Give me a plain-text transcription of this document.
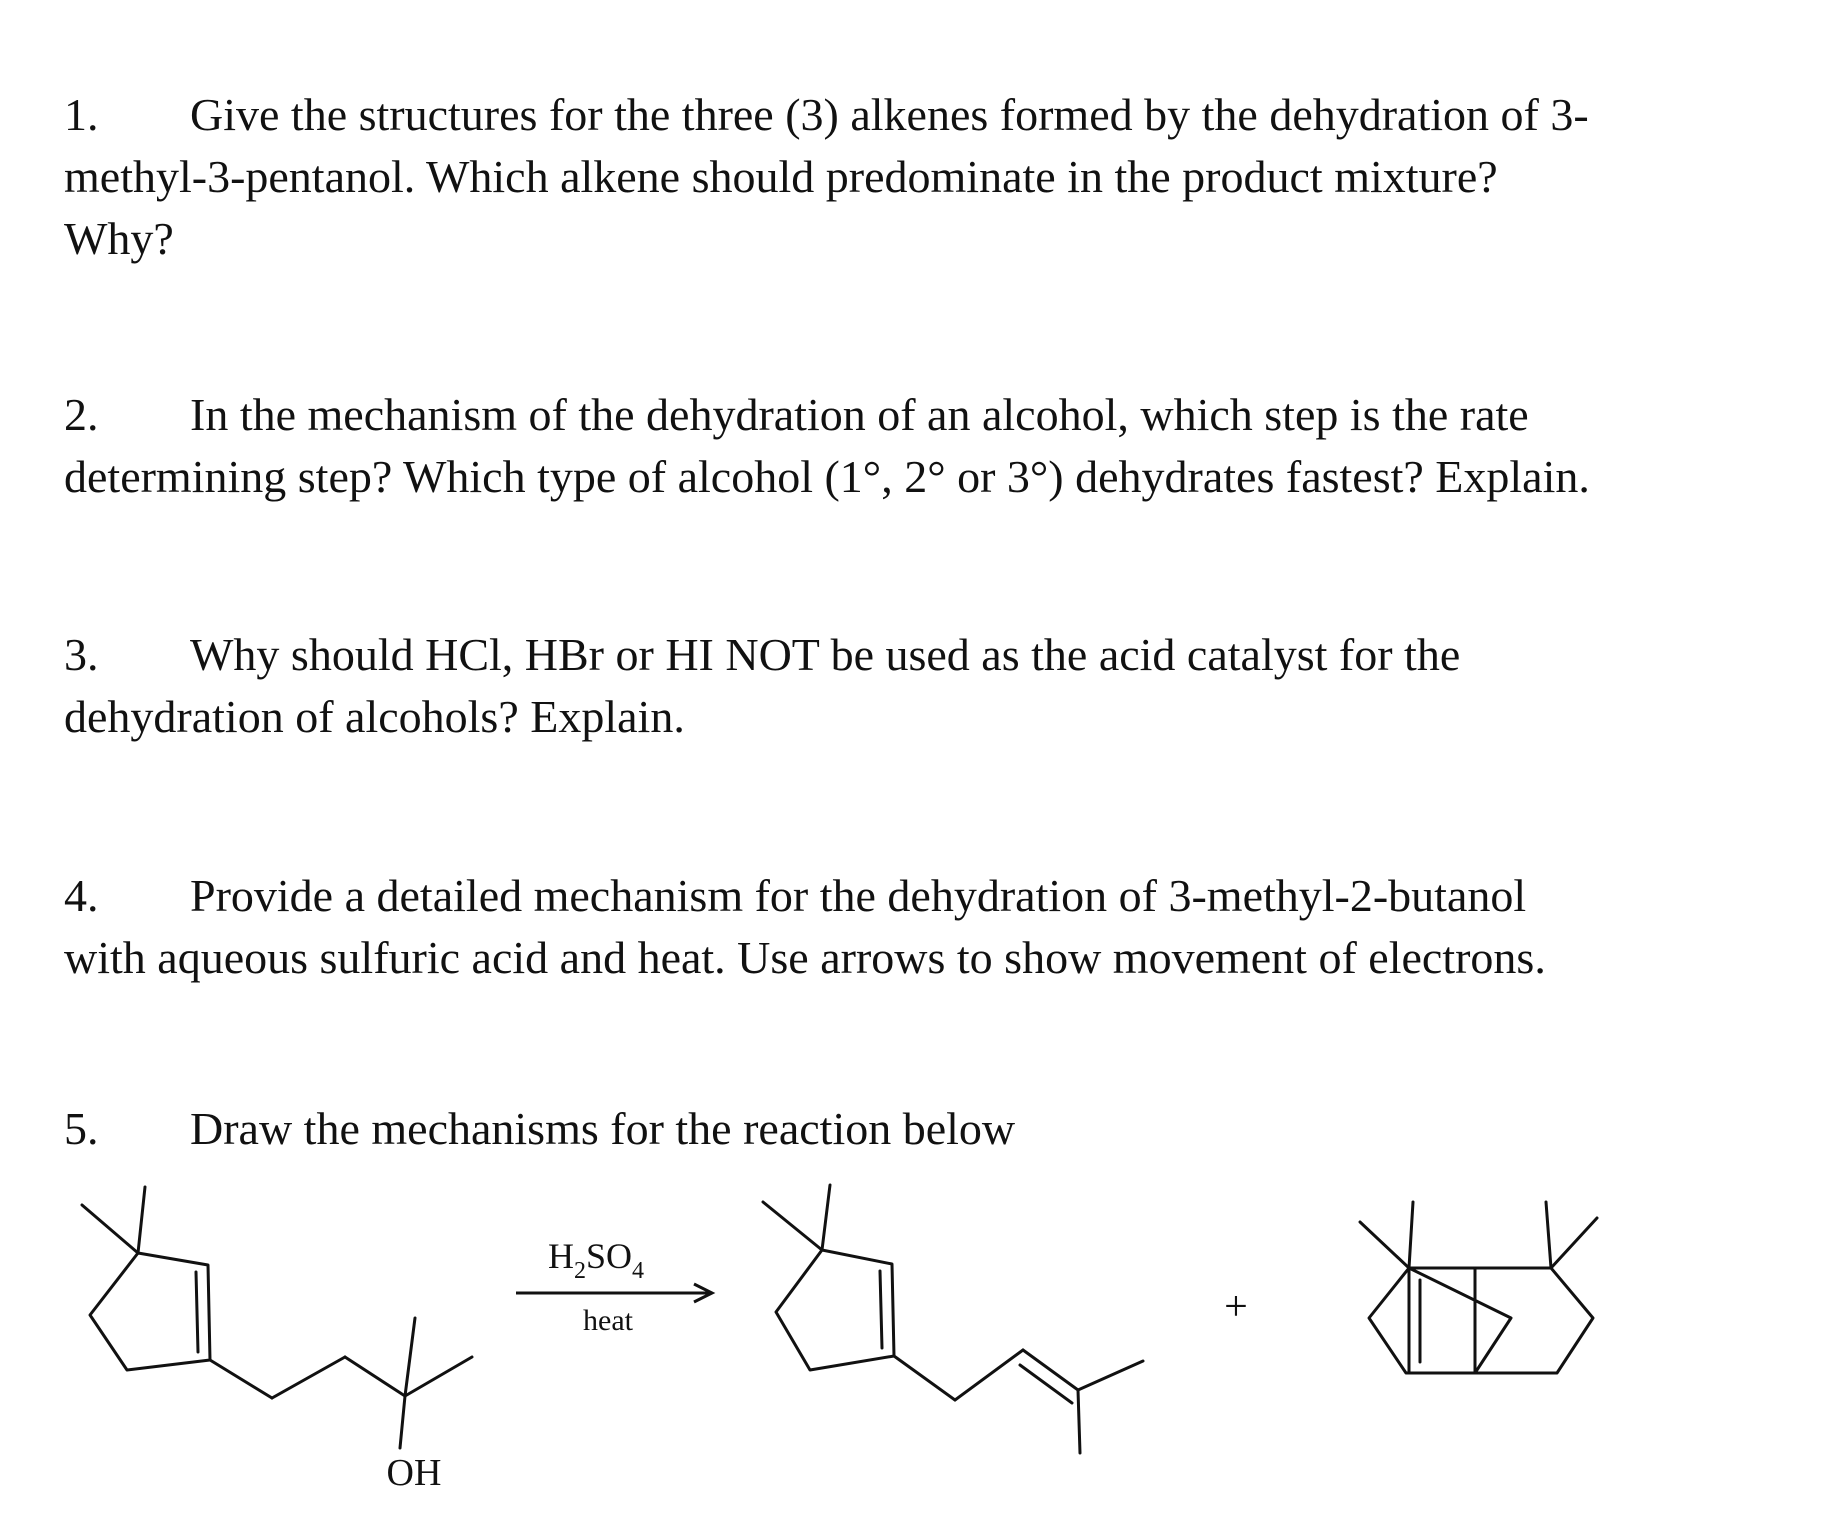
1. Give the structures for the three (3) alkenes formed by the dehydration of 3-
methyl-3-pentanol. Which alkene should predominate in the product mixture?
Why?
2. In the mechanism of the dehydration of an alcohol, which step is the rate
determining step? Which type of alcohol (1°, 2° or 3°) dehydrates fastest? Explain.
3. Why should HCl, HBr or HI NOT be used as the acid catalyst for the
dehydration of alcohols? Explain.
4. Provide a detailed mechanism for the dehydration of 3-methyl-2-butanol
with aqueous sulfuric acid and heat. Use arrows to show movement of electrons.
5. Draw the mechanisms for the reaction below
OH
$H_2SO_4$
heat	+
